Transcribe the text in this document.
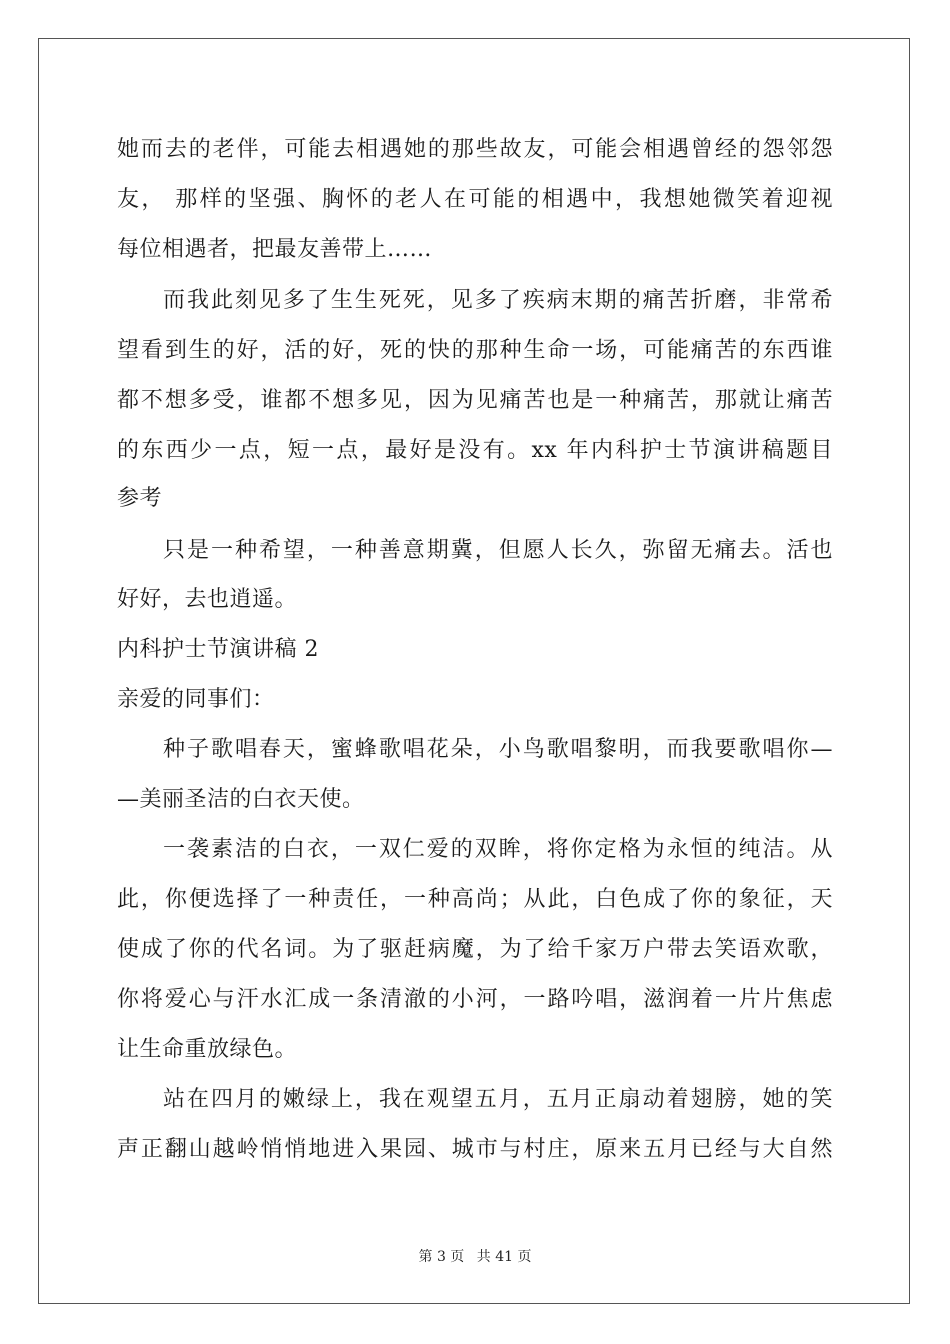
她而去的老伴，可能去相遇她的那些故友，可能会相遇曾经的怨邻怨
友， 那样的坚强、胸怀的老人在可能的相遇中，我想她微笑着迎视
每位相遇者，把最友善带上……
而我此刻见多了生生死死，见多了疾病末期的痛苦折磨，非常希
望看到生的好，活的好，死的快的那种生命一场，可能痛苦的东西谁
都不想多受，谁都不想多见，因为见痛苦也是一种痛苦，那就让痛苦
的东西少一点，短一点，最好是没有。xx 年内科护士节演讲稿题目
参考
只是一种希望，一种善意期冀，但愿人长久，弥留无痛去。活也
好好，去也逍遥。
内科护士节演讲稿 2
亲爱的同事们：
种子歌唱春天，蜜蜂歌唱花朵，小鸟歌唱黎明，而我要歌唱你—
—美丽圣洁的白衣天使。
一袭素洁的白衣，一双仁爱的双眸，将你定格为永恒的纯洁。从
此，你便选择了一种责任，一种高尚；从此，白色成了你的象征，天
使成了你的代名词。为了驱赶病魔，为了给千家万户带去笑语欢歌，
你将爱心与汗水汇成一条清澈的小河，一路吟唱，滋润着一片片焦虑
让生命重放绿色。
站在四月的嫩绿上，我在观望五月，五月正扇动着翅膀，她的笑
声正翻山越岭悄悄地进入果园、城市与村庄，原来五月已经与大自然
第 3 页 共 41 页
